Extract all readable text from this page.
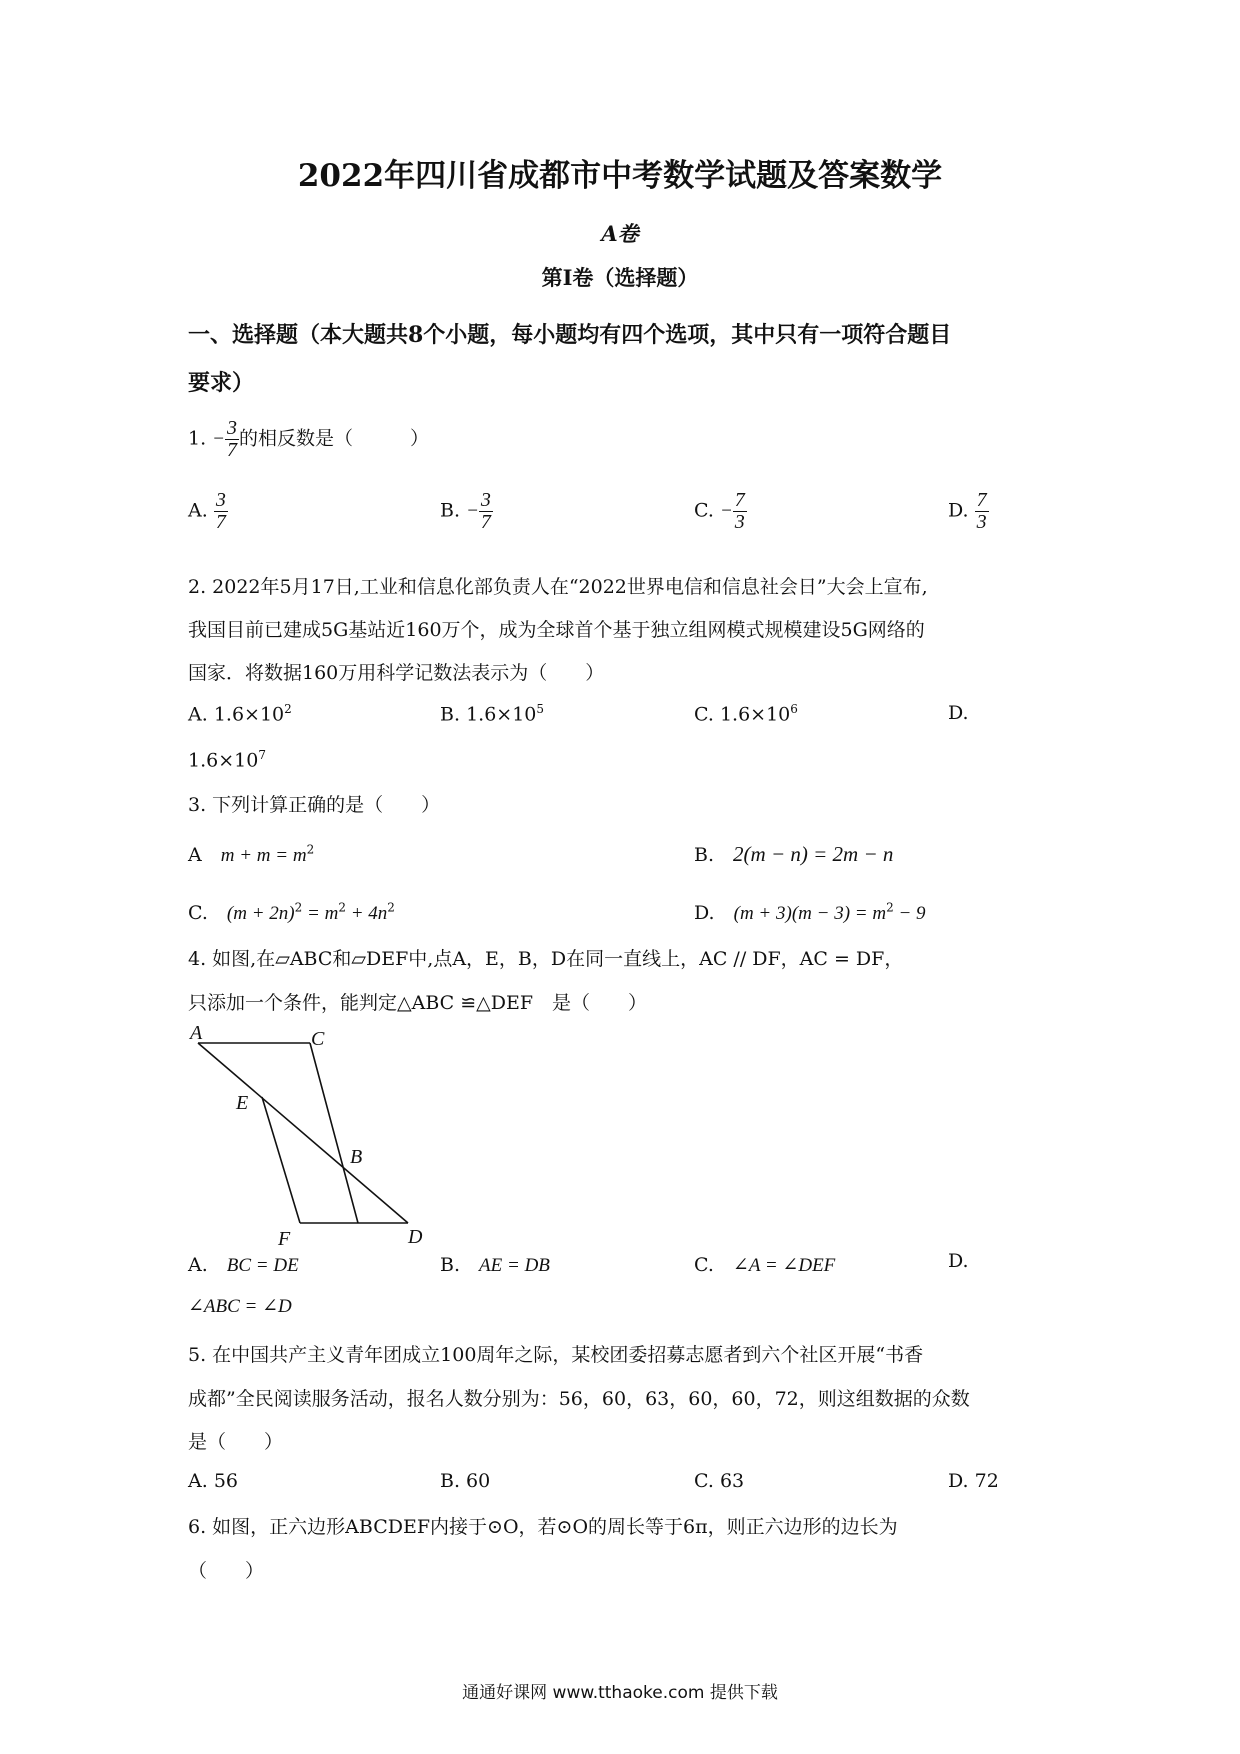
2022年四川省成都市中考数学试题及答案数学
A卷
第Ⅰ卷（选择题）
一、选择题（本大题共8个小题，每小题均有四个选项，其中只有一项符合题目
要求）
1. − $\frac{3}{7}$ 的相反数是（　　　）
A. $\frac{3}{7}$	B. − $\frac{3}{7}$	C. − $\frac{7}{3}$	D. $\frac{7}{3}$
2. 2022年5月17日,工业和信息化部负责人在“2022世界电信和信息社会日”大会上宣布,
我国目前已建成5G基站近160万个，成为全球首个基于独立组网模式规模建设5G网络的
国家．将数据160万用科学记数法表示为（　　）
A. $1.6\times 10^2$	B. $1.6\times 10^5$	C. $1.6\times 10^6$	D.
$1.6\times 10^7$
3. 下列计算正确的是（　　）
A　 $m + m = m^2$	B.　 2(m − n) = 2m − n
C.　 $(m + 2n)^2 = m^2 + 4n^2$	D.　 $(m + 3)(m - 3) = m^2 - 9$
4. 如图,在▱ABC和▱DEF中,点A，E，B，D在同一直线上，AC // DF，AC = DF，
只添加一个条件，能判定△ABC ≌△DEF　是（　　）
A	C
E
B
F	D
A.　 BC = DE	B.　 AE = DB	C.　 ∠A = ∠DEF	D.
∠ABC = ∠D
5. 在中国共产主义青年团成立100周年之际，某校团委招募志愿者到六个社区开展“书香
成都”全民阅读服务活动，报名人数分别为：56，60，63，60，60，72，则这组数据的众数
是（　　）
A. 56	B. 60	C. 63	D. 72
6. 如图，正六边形ABCDEF内接于⊙O，若⊙O的周长等于6π，则正六边形的边长为
（　　）
通通好课网 www.tthaoke.com 提供下载
